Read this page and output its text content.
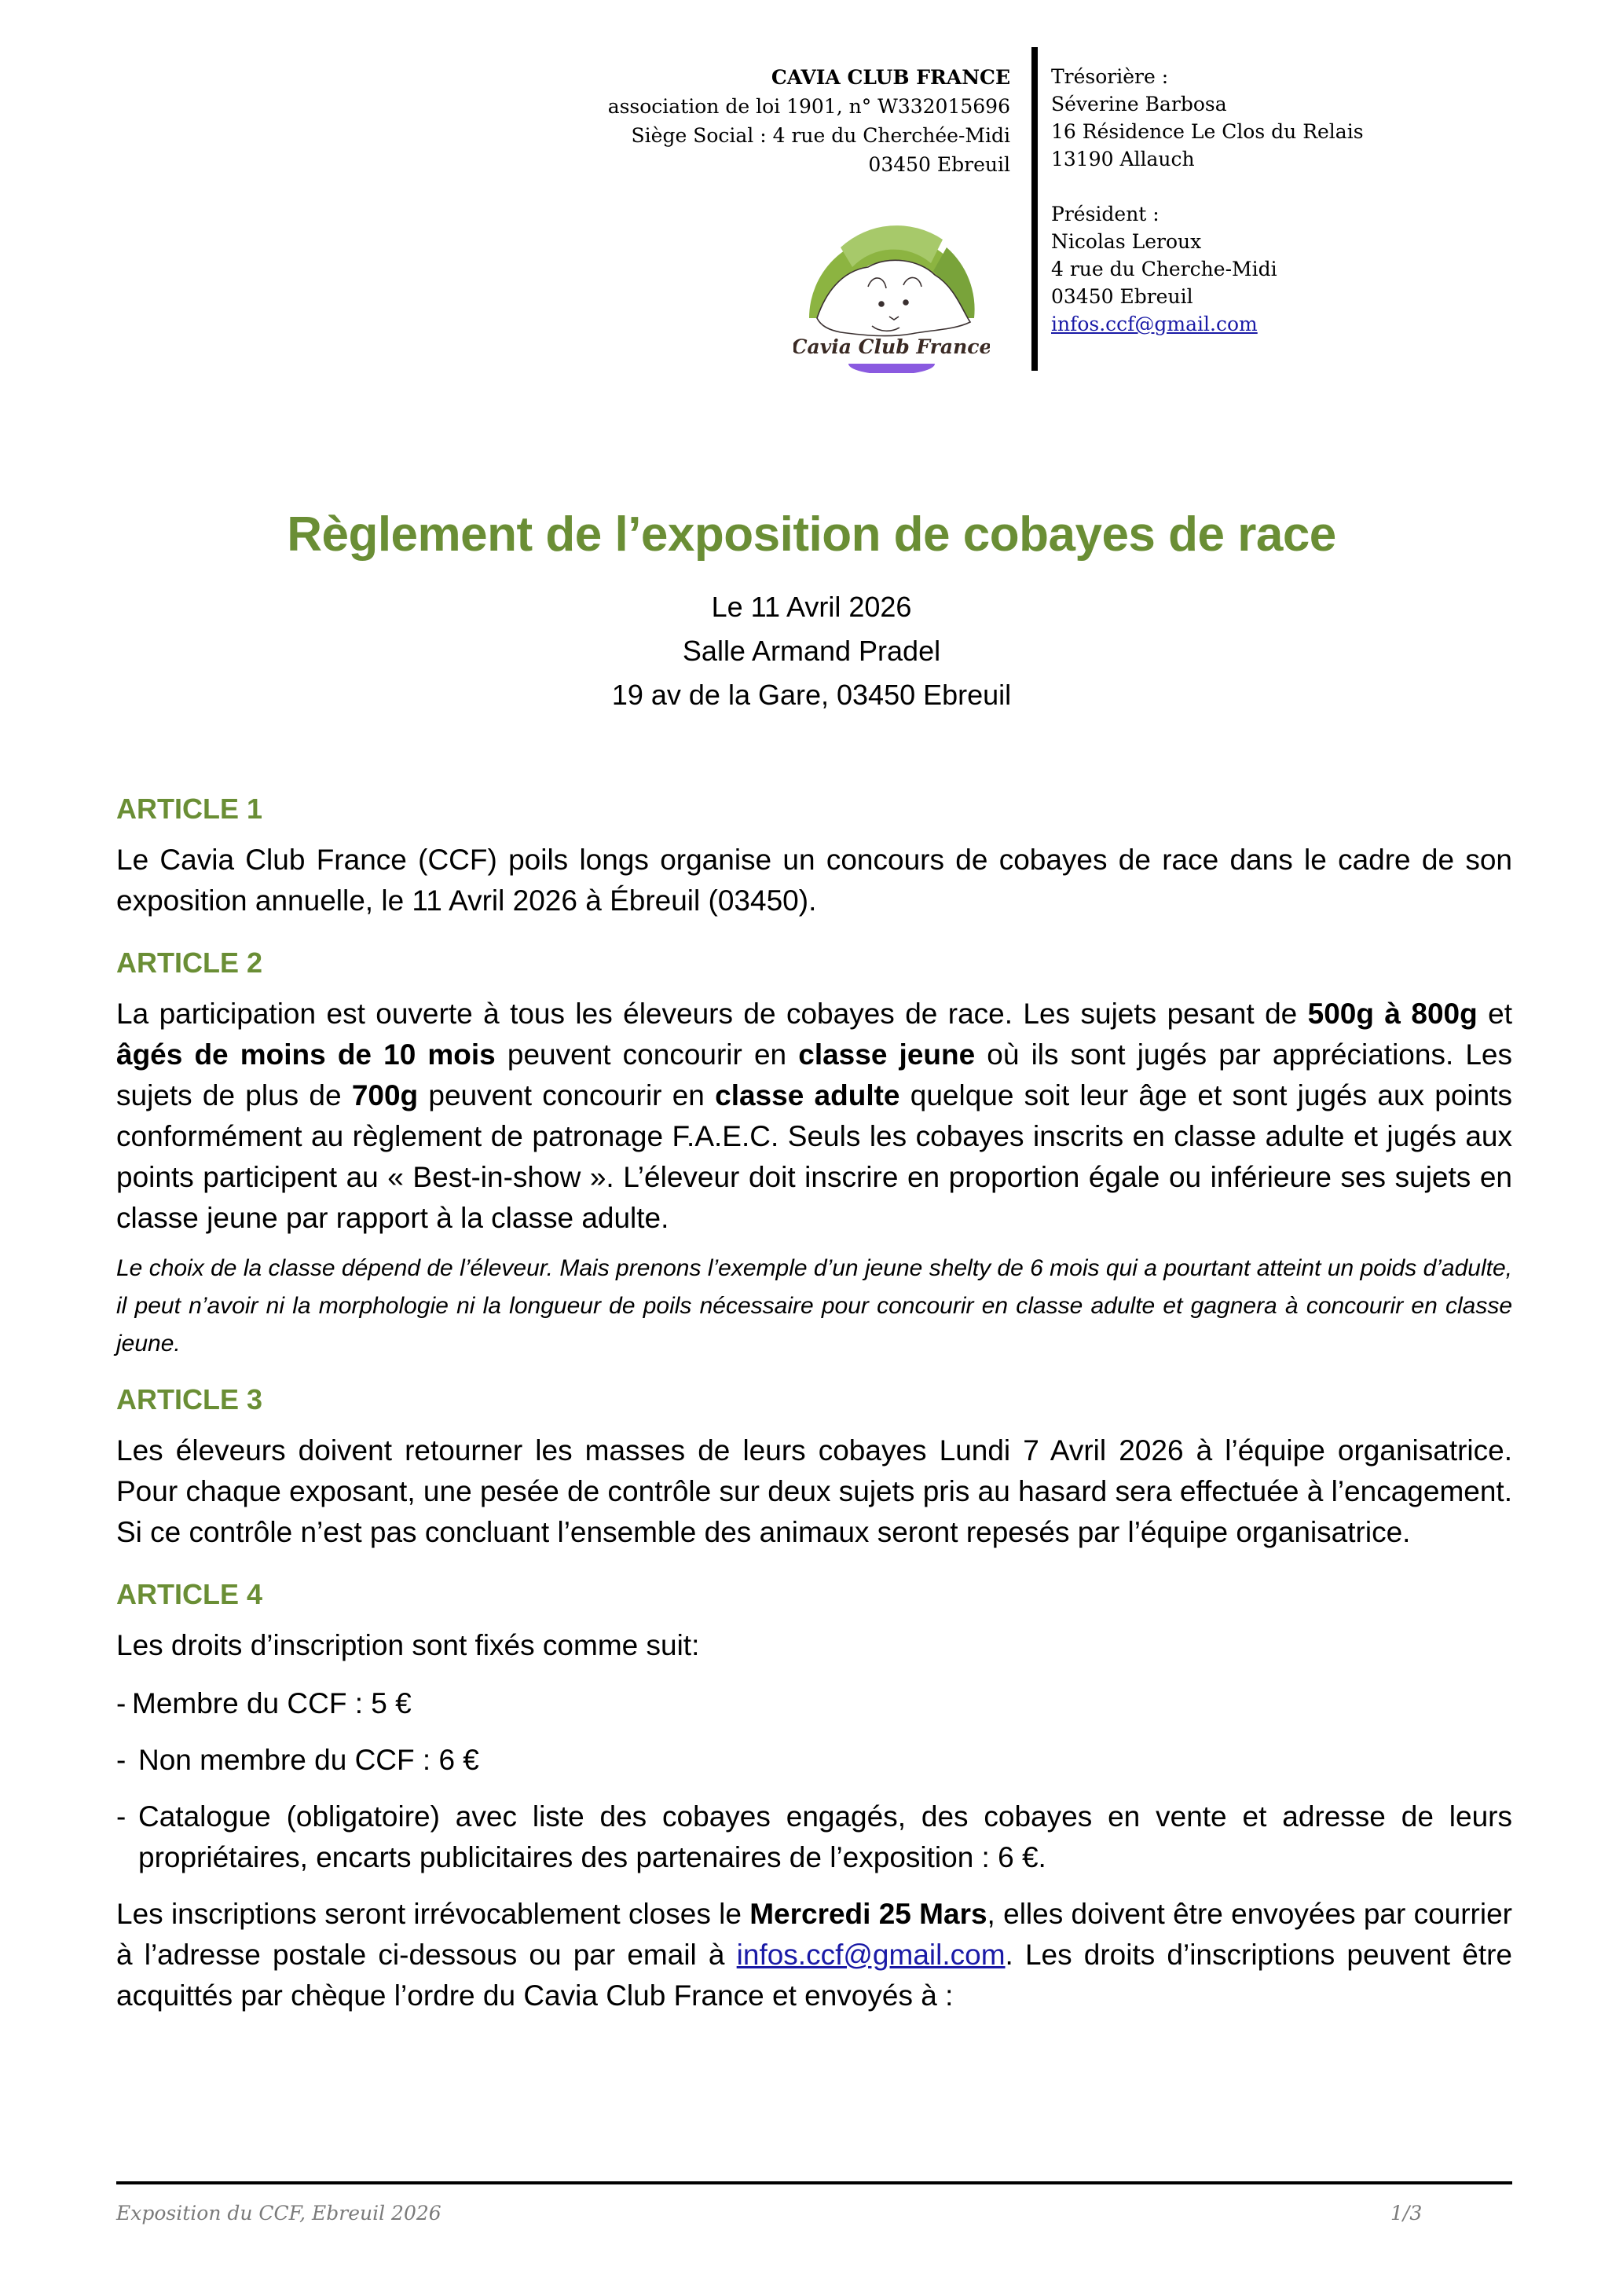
CAVIA CLUB FRANCE
association de loi 1901, n° W332015696
Siège Social : 4 rue du Cherchée-Midi
03450 Ebreuil
Cavia Club France
Trésorière :
Séverine Barbosa
16 Résidence Le Clos du Relais
13190 Allauch
Président :
Nicolas Leroux
4 rue du Cherche-Midi
03450 Ebreuil
infos.ccf@gmail.com
Règlement de l’exposition de cobayes de race
Le 11 Avril 2026
Salle Armand Pradel
19 av de la Gare, 03450 Ebreuil
ARTICLE 1
Le Cavia Club France (CCF) poils longs organise un concours de cobayes de race dans le cadre de son exposition annuelle, le 11 Avril 2026 à Ébreuil (03450).
ARTICLE 2
La participation est ouverte à tous les éleveurs de cobayes de race. Les sujets pesant de 500g à 800g et âgés de moins de 10 mois peuvent concourir en classe jeune où ils sont jugés par appréciations. Les sujets de plus de 700g peuvent concourir en classe adulte quelque soit leur âge et sont jugés aux points conformément au règlement de patronage F.A.E.C. Seuls les cobayes inscrits en classe adulte et jugés aux points participent au « Best-in-show ». L’éleveur doit inscrire en proportion égale ou inférieure ses sujets en classe jeune par rapport à la classe adulte.
Le choix de la classe dépend de l’éleveur. Mais prenons l’exemple d’un jeune shelty de 6 mois qui a pourtant atteint un poids d’adulte, il peut n’avoir ni la morphologie ni la longueur de poils nécessaire pour concourir en classe adulte et gagnera à concourir en classe jeune.
ARTICLE 3
Les éleveurs doivent retourner les masses de leurs cobayes Lundi 7 Avril 2026 à l’équipe organisatrice. Pour chaque exposant, une pesée de contrôle sur deux sujets pris au hasard sera effectuée à l’encagement. Si ce contrôle n’est pas concluant l’ensemble des animaux seront repesés par l’équipe organisatrice.
ARTICLE 4
Les droits d’inscription sont fixés comme suit:
- Membre du CCF : 5 €
- Non membre du CCF : 6 €
- Catalogue (obligatoire) avec liste des cobayes engagés, des cobayes en vente et adresse de leurs propriétaires, encarts publicitaires des partenaires de l’exposition : 6 €.
Les inscriptions seront irrévocablement closes le Mercredi 25 Mars, elles doivent être envoyées par courrier à l’adresse postale ci-dessous ou par email à infos.ccf@gmail.com. Les droits d’inscriptions peuvent être acquittés par chèque l’ordre du Cavia Club France et envoyés à :
Exposition du CCF, Ebreuil 2026	1/3
